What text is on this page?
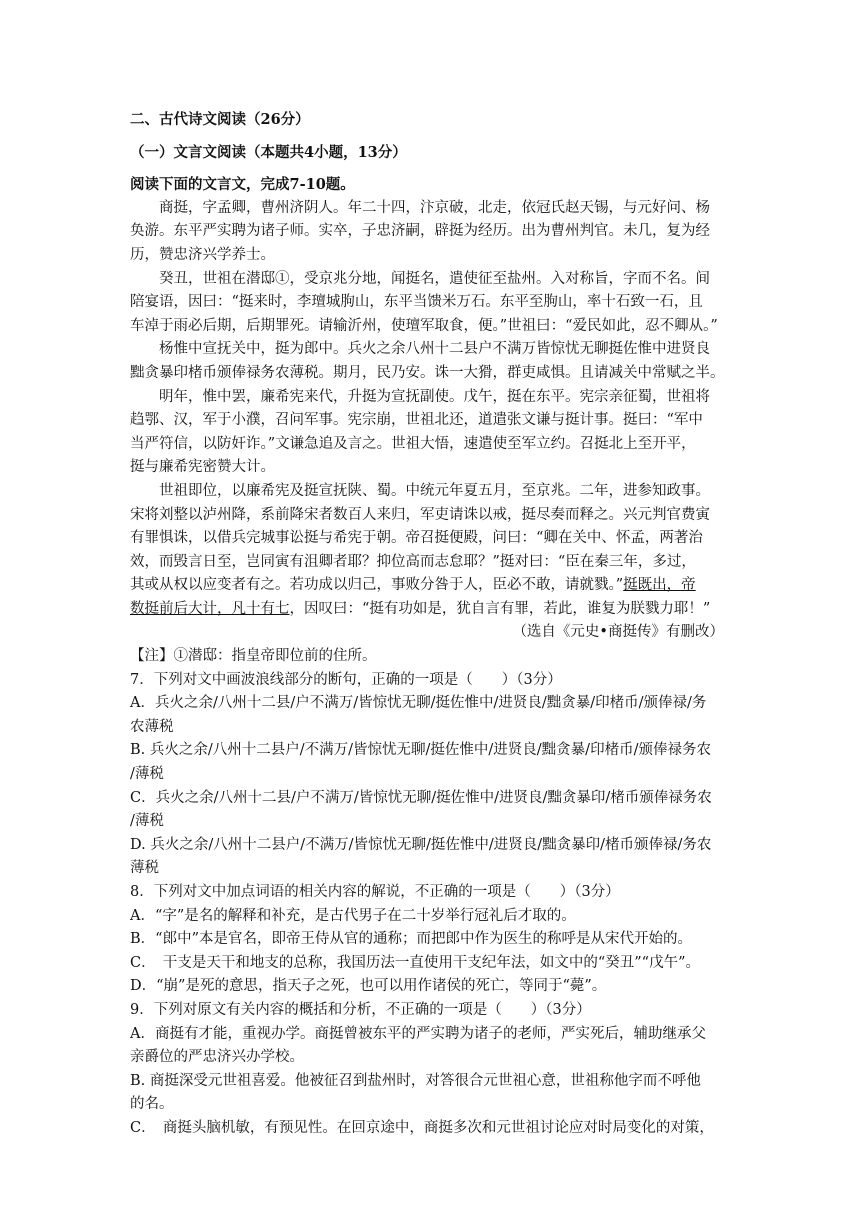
二、古代诗文阅读（26分）
（一）文言文阅读（本题共4小题，13分）
阅读下面的文言文，完成7-10题。
商挺，字孟卿，曹州济阴人。年二十四，汴京破，北走，依冠氏赵天锡，与元好问、杨
奂游。东平严实聘为诸子师。实卒，子忠济嗣，辟挺为经历。出为曹州判官。未几，复为经
历，赞忠济兴学养士。
癸丑，世祖在潜邸①，受京兆分地，闻挺名，遣使征至盐州。入对称旨，字而不名。间
陪宴语，因曰：“挺来时，李璮城朐山，东平当馈米万石。东平至朐山，率十石致一石，且
车淖于雨必后期，后期罪死。请输沂州，使璮军取食，便。”世祖曰：“爱民如此，忍不卿从。”
杨惟中宣抚关中，挺为郎中。兵火之余八州十二县户不满万皆惊忧无聊挺佐惟中进贤良
黜贪暴印楮币颁俸禄务农薄税。期月，民乃安。诛一大猾，群吏咸惧。且请减关中常赋之半。
明年，惟中罢，廉希宪来代，升挺为宣抚副使。戊午，挺在东平。宪宗亲征蜀，世祖将
趋鄂、汉，军于小濮，召问军事。宪宗崩，世祖北还，道遣张文谦与挺计事。挺曰：“军中
当严符信，以防奸诈。”文谦急追及言之。世祖大悟，速遣使至军立约。召挺北上至开平，
挺与廉希宪密赞大计。
世祖即位，以廉希宪及挺宣抚陕、蜀。中统元年夏五月，至京兆。二年，进参知政事。
宋将刘整以泸州降，系前降宋者数百人来归，军吏请诛以戒，挺尽奏而释之。兴元判官费寅
有罪惧诛，以借兵完城事讼挺与希宪于朝。帝召挺便殿，问曰：“卿在关中、怀孟，两著治
效，而毁言日至，岂同寅有沮卿者耶？抑位高而志怠耶？”挺对曰：“臣在秦三年，多过，
其或从权以应变者有之。若功成以归己，事败分咎于人，臣必不敢，请就戮。”挺既出，帝
数挺前后大计，凡十有七，因叹曰：“挺有功如是，犹自言有罪，若此，谁复为朕戮力耶！”
（选自《元史•商挺传》有删改）
【注】①潜邸：指皇帝即位前的住所。
7．下列对文中画波浪线部分的断句，正确的一项是（　　）（3分）
A．兵火之余/八州十二县/户不满万/皆惊忧无聊/挺佐惟中/进贤良/黜贪暴/印楮币/颁俸禄/务
农薄税
B. 兵火之余/八州十二县户/不满万/皆惊忧无聊/挺佐惟中/进贤良/黜贪暴/印楮币/颁俸禄务农
/薄税
C．兵火之余/八州十二县/户不满万/皆惊忧无聊/挺佐惟中/进贤良/黜贪暴印/楮币颁俸禄务农
/薄税
D. 兵火之余/八州十二县户/不满万/皆惊忧无聊/挺佐惟中/进贤良/黜贪暴印/楮币颁俸禄/务农
薄税
8．下列对文中加点词语的相关内容的解说，不正确的一项是（　　）（3分）
A．“字”是名的解释和补充，是古代男子在二十岁举行冠礼后才取的。
B．“郎中”本是官名，即帝王侍从官的通称；而把郎中作为医生的称呼是从宋代开始的。
C．　干支是天干和地支的总称，我国历法一直使用干支纪年法，如文中的“癸丑”“戊午”。
D．“崩”是死的意思，指天子之死，也可以用作诸侯的死亡，等同于“薨”。
9．下列对原文有关内容的概括和分析，不正确的一项是（　　）（3分）
A．商挺有才能，重视办学。商挺曾被东平的严实聘为诸子的老师，严实死后，辅助继承父
亲爵位的严忠济兴办学校。
B. 商挺深受元世祖喜爱。他被征召到盐州时，对答很合元世祖心意，世祖称他字而不呼他
的名。
C．　商挺头脑机敏，有预见性。在回京途中，商挺多次和元世祖讨论应对时局变化的对策，
